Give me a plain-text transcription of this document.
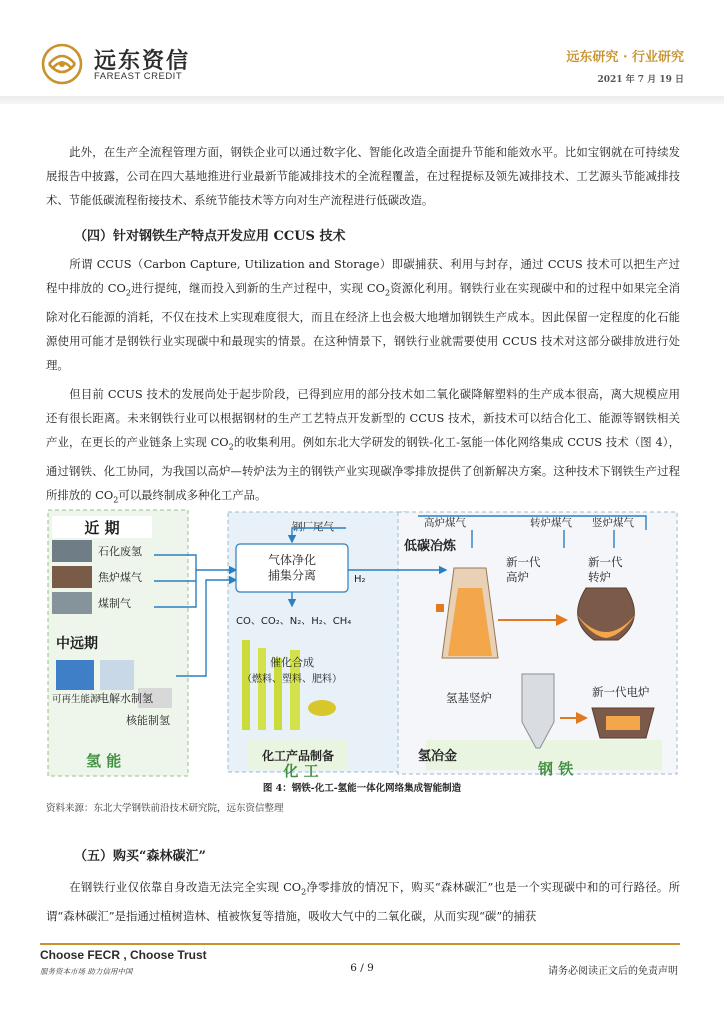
远东资信
FAREAST CREDIT
远东研究 · 行业研究
2021 年 7 月 19 日
此外，在生产全流程管理方面，钢铁企业可以通过数字化、智能化改造全面提升节能和能效水平。比如宝钢就在可持续发展报告中披露，公司在四大基地推进行业最新节能减排技术的全流程覆盖，在过程提标及领先减排技术、工艺源头节能减排技术、节能低碳流程衔接技术、系统节能技术等方向对生产流程进行低碳改造。
（四）针对钢铁生产特点开发应用 CCUS 技术
所谓 CCUS（Carbon Capture, Utilization and Storage）即碳捕获、利用与封存，通过 CCUS 技术可以把生产过程中排放的 $CO_2$进行提纯，继而投入到新的生产过程中，实现 $CO_2$资源化利用。钢铁行业在实现碳中和的过程中如果完全消除对化石能源的消耗，不仅在技术上实现难度很大，而且在经济上也会极大地增加钢铁生产成本。因此保留一定程度的化石能源使用可能才是钢铁行业实现碳中和最现实的情景。在这种情景下，钢铁行业就需要使用 CCUS 技术对这部分碳排放进行处理。
但目前 CCUS 技术的发展尚处于起步阶段，已得到应用的部分技术如二氧化碳降解塑料的生产成本很高，离大规模应用还有很长距离。未来钢铁行业可以根据钢材的生产工艺特点开发新型的 CCUS 技术，新技术可以结合化工、能源等钢铁相关产业，在更长的产业链条上实现 $CO_2$的收集利用。例如东北大学研发的钢铁-化工-氢能一体化网络集成 CCUS 技术（图 4），通过钢铁、化工协同，为我国以高炉—转炉法为主的钢铁产业实现碳净零排放提供了创新解决方案。这种技术下钢铁生产过程所排放的 $CO_2$可以最终制成多种化工产品。
近 期
石化废氢
焦炉煤气
煤制气
中远期
可再生能源
电解水制氢
核能制氢
氢 能
钢厂尾气
气体净化捕集分离	H₂
CO、CO₂、N₂、H₂、CH₄
催化合成
（燃料、塑料、肥料）
化工产品制备
化 工
高炉煤气	转炉煤气 竖炉煤气
低碳冶炼
新一代高炉
新一代转炉
氢基竖炉	新一代电炉
氢冶金
钢 铁
图 4：钢铁-化工-氢能一体化网络集成智能制造
资料来源：东北大学钢铁前沿技术研究院，远东资信整理
（五）购买“森林碳汇”
在钢铁行业仅依靠自身改造无法完全实现 $CO_2$净零排放的情况下，购买“森林碳汇”也是一个实现碳中和的可行路径。所谓“森林碳汇”是指通过植树造林、植被恢复等措施，吸收大气中的二氧化碳，从而实现“碳”的捕获
Choose FECR , Choose Trust
服务资本市场 助力信用中国	6 / 9	请务必阅读正文后的免责声明
